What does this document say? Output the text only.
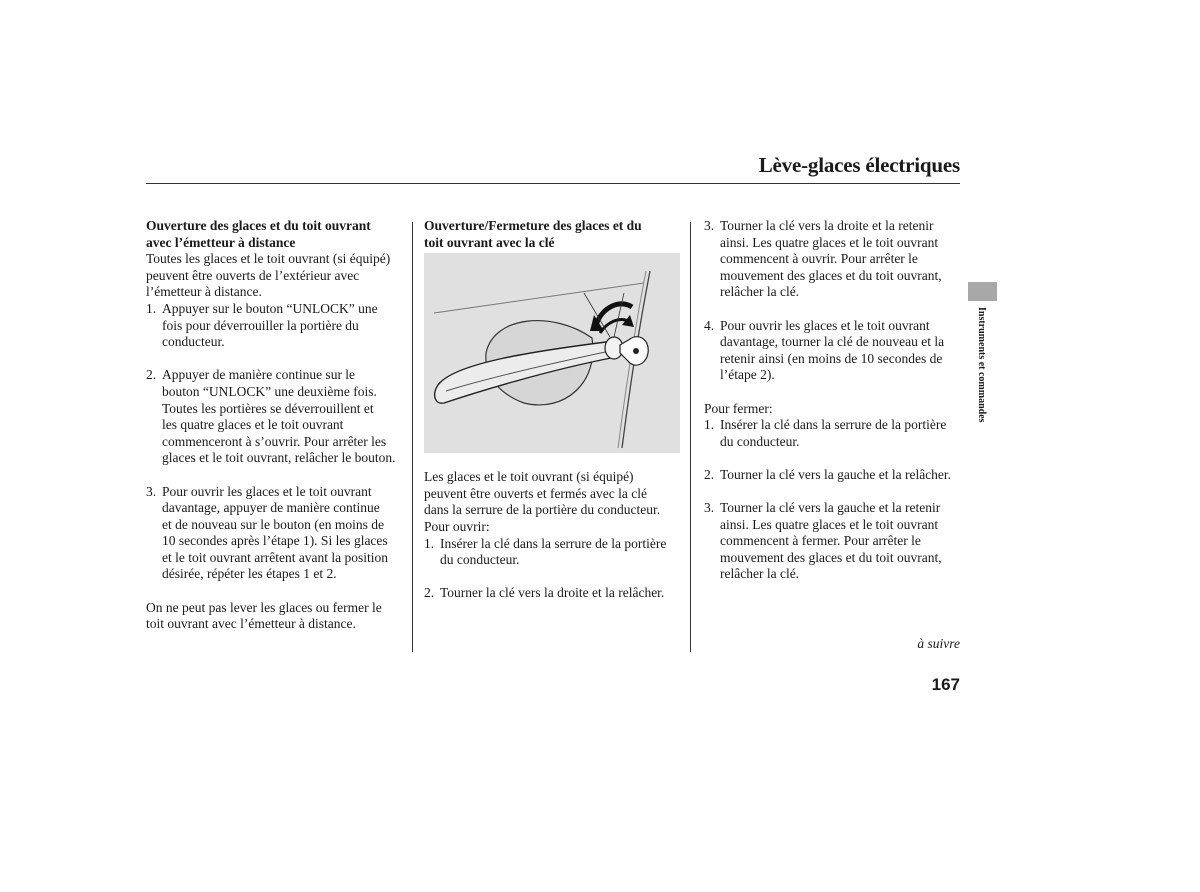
Lève-glaces électriques

Ouverture des glaces et du toit ouvrant

avec l’émetteur à distance

Toutes les glaces et le toit ouvrant (si équipé)

peuvent être ouverts de l’extérieur avec

l’émetteur à distance.

1. Appuyer sur le bouton “UNLOCK” une

fois pour déverrouiller la portière du

conducteur.

2. Appuyer de manière continue sur le

bouton “UNLOCK” une deuxième fois.

Toutes les portières se déverrouillent et

les quatre glaces et le toit ouvrant

commenceront à s’ouvrir. Pour arrêter les

glaces et le toit ouvrant, relâcher le bouton.

3. Pour ouvrir les glaces et le toit ouvrant

davantage, appuyer de manière continue

et de nouveau sur le bouton (en moins de

10 secondes après l’étape 1). Si les glaces

et le toit ouvrant arrêtent avant la position

désirée, répéter les étapes 1 et 2.

On ne peut pas lever les glaces ou fermer le

toit ouvrant avec l’émetteur à distance.

Ouverture/Fermeture des glaces et du

toit ouvrant avec la clé

Les glaces et le toit ouvrant (si équipé)

peuvent être ouverts et fermés avec la clé

dans la serrure de la portière du conducteur.

Pour ouvrir:

1. Insérer la clé dans la serrure de la portière

du conducteur.

2. Tourner la clé vers la droite et la relâcher.

3. Tourner la clé vers la droite et la retenir

ainsi. Les quatre glaces et le toit ouvrant

commencent à ouvrir. Pour arrêter le

mouvement des glaces et du toit ouvrant,

relâcher la clé.

4. Pour ouvrir les glaces et le toit ouvrant

davantage, tourner la clé de nouveau et la

retenir ainsi (en moins de 10 secondes de

l’étape 2).

Pour fermer:

1. Insérer la clé dans la serrure de la portière

du conducteur.

2. Tourner la clé vers la gauche et la relâcher.

3. Tourner la clé vers la gauche et la retenir

ainsi. Les quatre glaces et le toit ouvrant

commencent à fermer. Pour arrêter le

mouvement des glaces et du toit ouvrant,

relâcher la clé.

Instruments et commandes
à suivre
167
